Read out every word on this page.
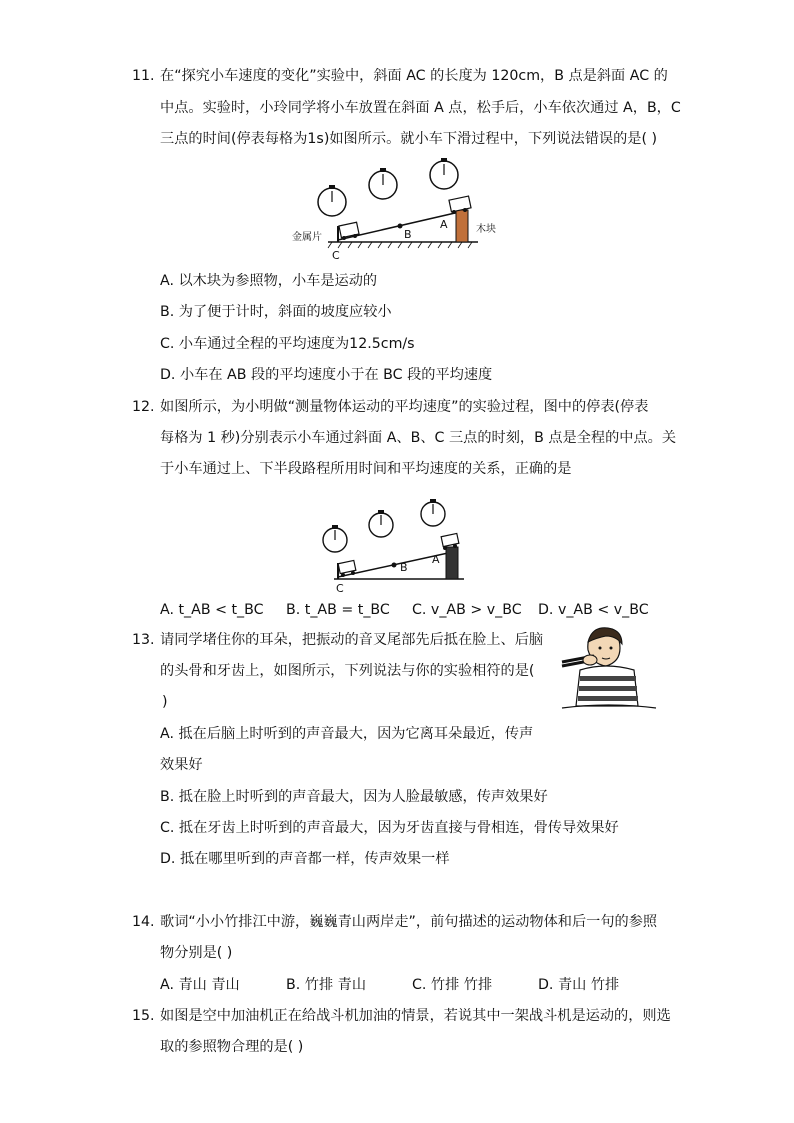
11. 在“探究小车速度的变化”实验中，斜面 AC 的长度为 120cm，B 点是斜面 AC 的
中点。实验时，小玲同学将小车放置在斜面 A 点，松手后，小车依次通过 A，B，C
三点的时间(停表每格为1s)如图所示。就小车下滑过程中，下列说法错误的是( )
B
A
C
金属片
木块
A. 以木块为参照物，小车是运动的
B. 为了便于计时，斜面的坡度应较小
C. 小车通过全程的平均速度为12.5cm/s
D. 小车在 AB 段的平均速度小于在 BC 段的平均速度
12. 如图所示，为小明做“测量物体运动的平均速度”的实验过程，图中的停表(停表
每格为 1 秒)分别表示小车通过斜面 A、B、C 三点的时刻，B 点是全程的中点。关
于小车通过上、下半段路程所用时间和平均速度的关系，正确的是
B
A
C
A. t_AB < t_BC B. t_AB = t_BC C. v_AB > v_BC D. v_AB < v_BC
13. 请同学堵住你的耳朵，把振动的音叉尾部先后抵在脸上、后脑
的头骨和牙齿上，如图所示，下列说法与你的实验相符的是(
)
A. 抵在后脑上时听到的声音最大，因为它离耳朵最近，传声
效果好
B. 抵在脸上时听到的声音最大，因为人脸最敏感，传声效果好
C. 抵在牙齿上时听到的声音最大，因为牙齿直接与骨相连，骨传导效果好
D. 抵在哪里听到的声音都一样，传声效果一样
14. 歌词“小小竹排江中游，巍巍青山两岸走”，前句描述的运动物体和后一句的参照
物分别是( )
A. 青山 青山	B. 竹排 青山	C. 竹排 竹排	D. 青山 竹排
15. 如图是空中加油机正在给战斗机加油的情景，若说其中一架战斗机是运动的，则选
取的参照物合理的是( )
